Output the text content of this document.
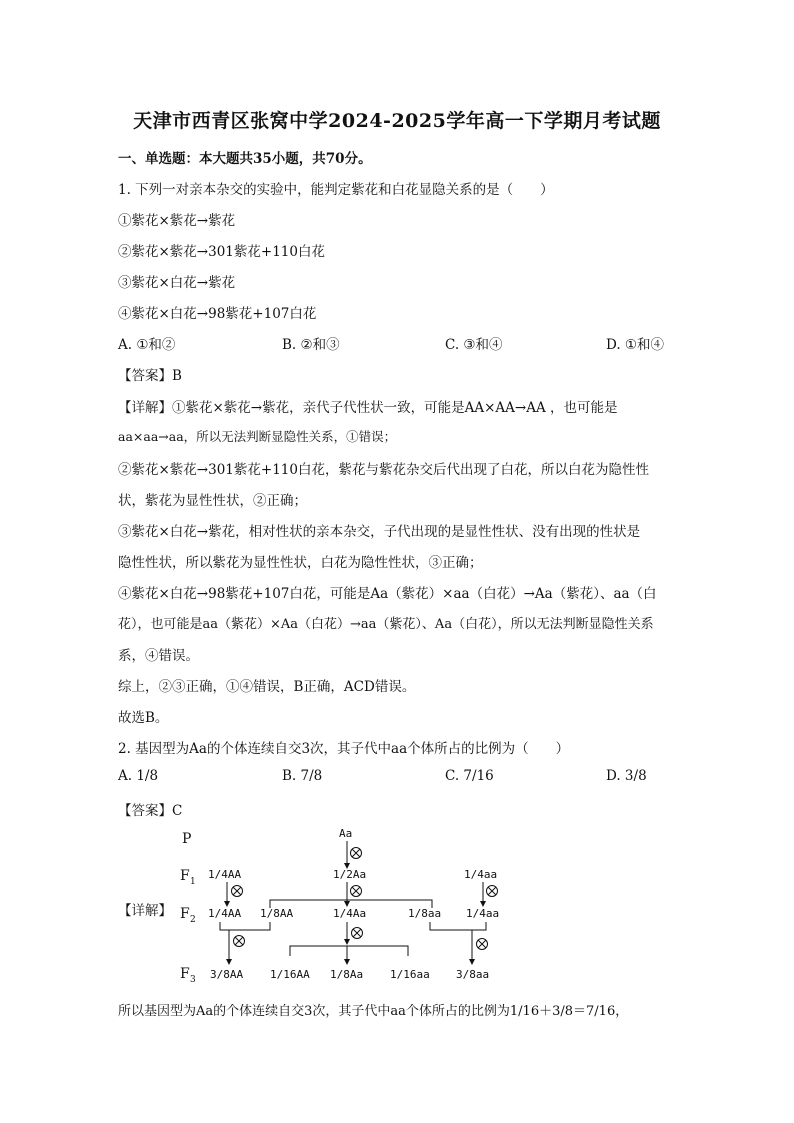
天津市西青区张窝中学2024-2025学年高一下学期月考试题
一、单选题：本大题共35小题，共70分。
1. 下列一对亲本杂交的实验中，能判定紫花和白花显隐关系的是（　　）
①紫花×紫花→紫花
②紫花×紫花→301紫花+110白花
③紫花×白花→紫花
④紫花×白花→98紫花+107白花
A. ①和②	B. ②和③	C. ③和④	D. ①和④
【答案】B
【详解】①紫花×紫花→紫花，亲代子代性状一致，可能是AA×AA→AA ，也可能是
aa×aa→aa，所以无法判断显隐性关系，①错误；
②紫花×紫花→301紫花+110白花，紫花与紫花杂交后代出现了白花，所以白花为隐性性
状，紫花为显性性状，②正确；
③紫花×白花→紫花，相对性状的亲本杂交，子代出现的是显性性状、没有出现的性状是
隐性性状，所以紫花为显性性状，白花为隐性性状，③正确；
④紫花×白花→98紫花+107白花，可能是Aa（紫花）×aa（白花）→Aa（紫花）、aa（白
花），也可能是aa（紫花）×Aa（白花）→aa（紫花）、Aa（白花），所以无法判断显隐性关系
系，④错误。
综上，②③正确，①④错误，B正确，ACD错误。
故选B。
2. 基因型为Aa的个体连续自交3次，其子代中aa个体所占的比例为（　　）
A. 1/8	B. 7/8	C. 7/16	D. 3/8
【答案】C
【详解】
P
F 1
F 2
F 3
Aa
1/4AA	1/2Aa	1/4aa
1/4AA 1/8AA	1/4Aa	1/8aa 1/4aa
3/8AA 1/16AA 1/8Aa 1/16aa 3/8aa
所以基因型为Aa的个体连续自交3次，其子代中aa个体所占的比例为1/16＋3/8＝7/16，
